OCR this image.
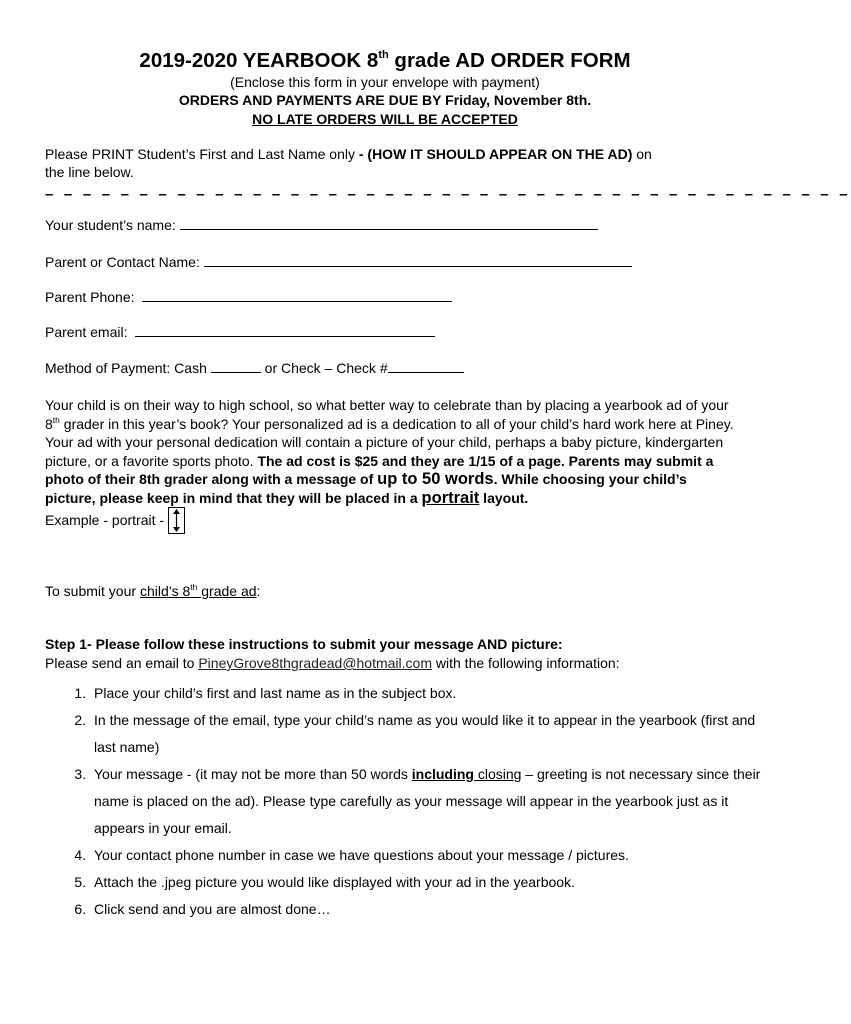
2019-2020 YEARBOOK 8th grade AD ORDER FORM
(Enclose this form in your envelope with payment)
ORDERS AND PAYMENTS ARE DUE BY Friday, November 8th.
NO LATE ORDERS WILL BE ACCEPTED
Please PRINT Student’s First and Last Name only - (HOW IT SHOULD APPEAR ON THE AD) on
the line below.
– – – – – – – – – – – – – – – – – – – – – – – – – – – – – – – – – – – – – – – – – – –
Your student’s name:
Parent or Contact Name:
Parent Phone:
Parent email:
Method of Payment: Cash	or Check – Check #
Your child is on their way to high school, so what better way to celebrate than by placing a yearbook ad of your 8th grader in this year’s book? Your personalized ad is a dedication to all of your child’s hard work here at Piney. Your ad with your personal dedication will contain a picture of your child, perhaps a baby picture, kindergarten picture, or a favorite sports photo. The ad cost is $25 and they are 1/15 of a page. Parents may submit a photo of their 8th grader along with a message of up to 50 words. While choosing your child’s picture, please keep in mind that they will be placed in a portrait layout.
Example - portrait -
To submit your child’s 8th grade ad:
Step 1- Please follow these instructions to submit your message AND picture:
Please send an email to PineyGrove8thgradead@hotmail.com with the following information:
1. Place your child’s first and last name as in the subject box.
2. In the message of the email, type your child’s name as you would like it to appear in the yearbook (first and last name)
3. Your message - (it may not be more than 50 words including closing – greeting is not necessary since their name is placed on the ad). Please type carefully as your message will appear in the yearbook just as it appears in your email.
4. Your contact phone number in case we have questions about your message / pictures.
5. Attach the .jpeg picture you would like displayed with your ad in the yearbook.
6. Click send and you are almost done…
